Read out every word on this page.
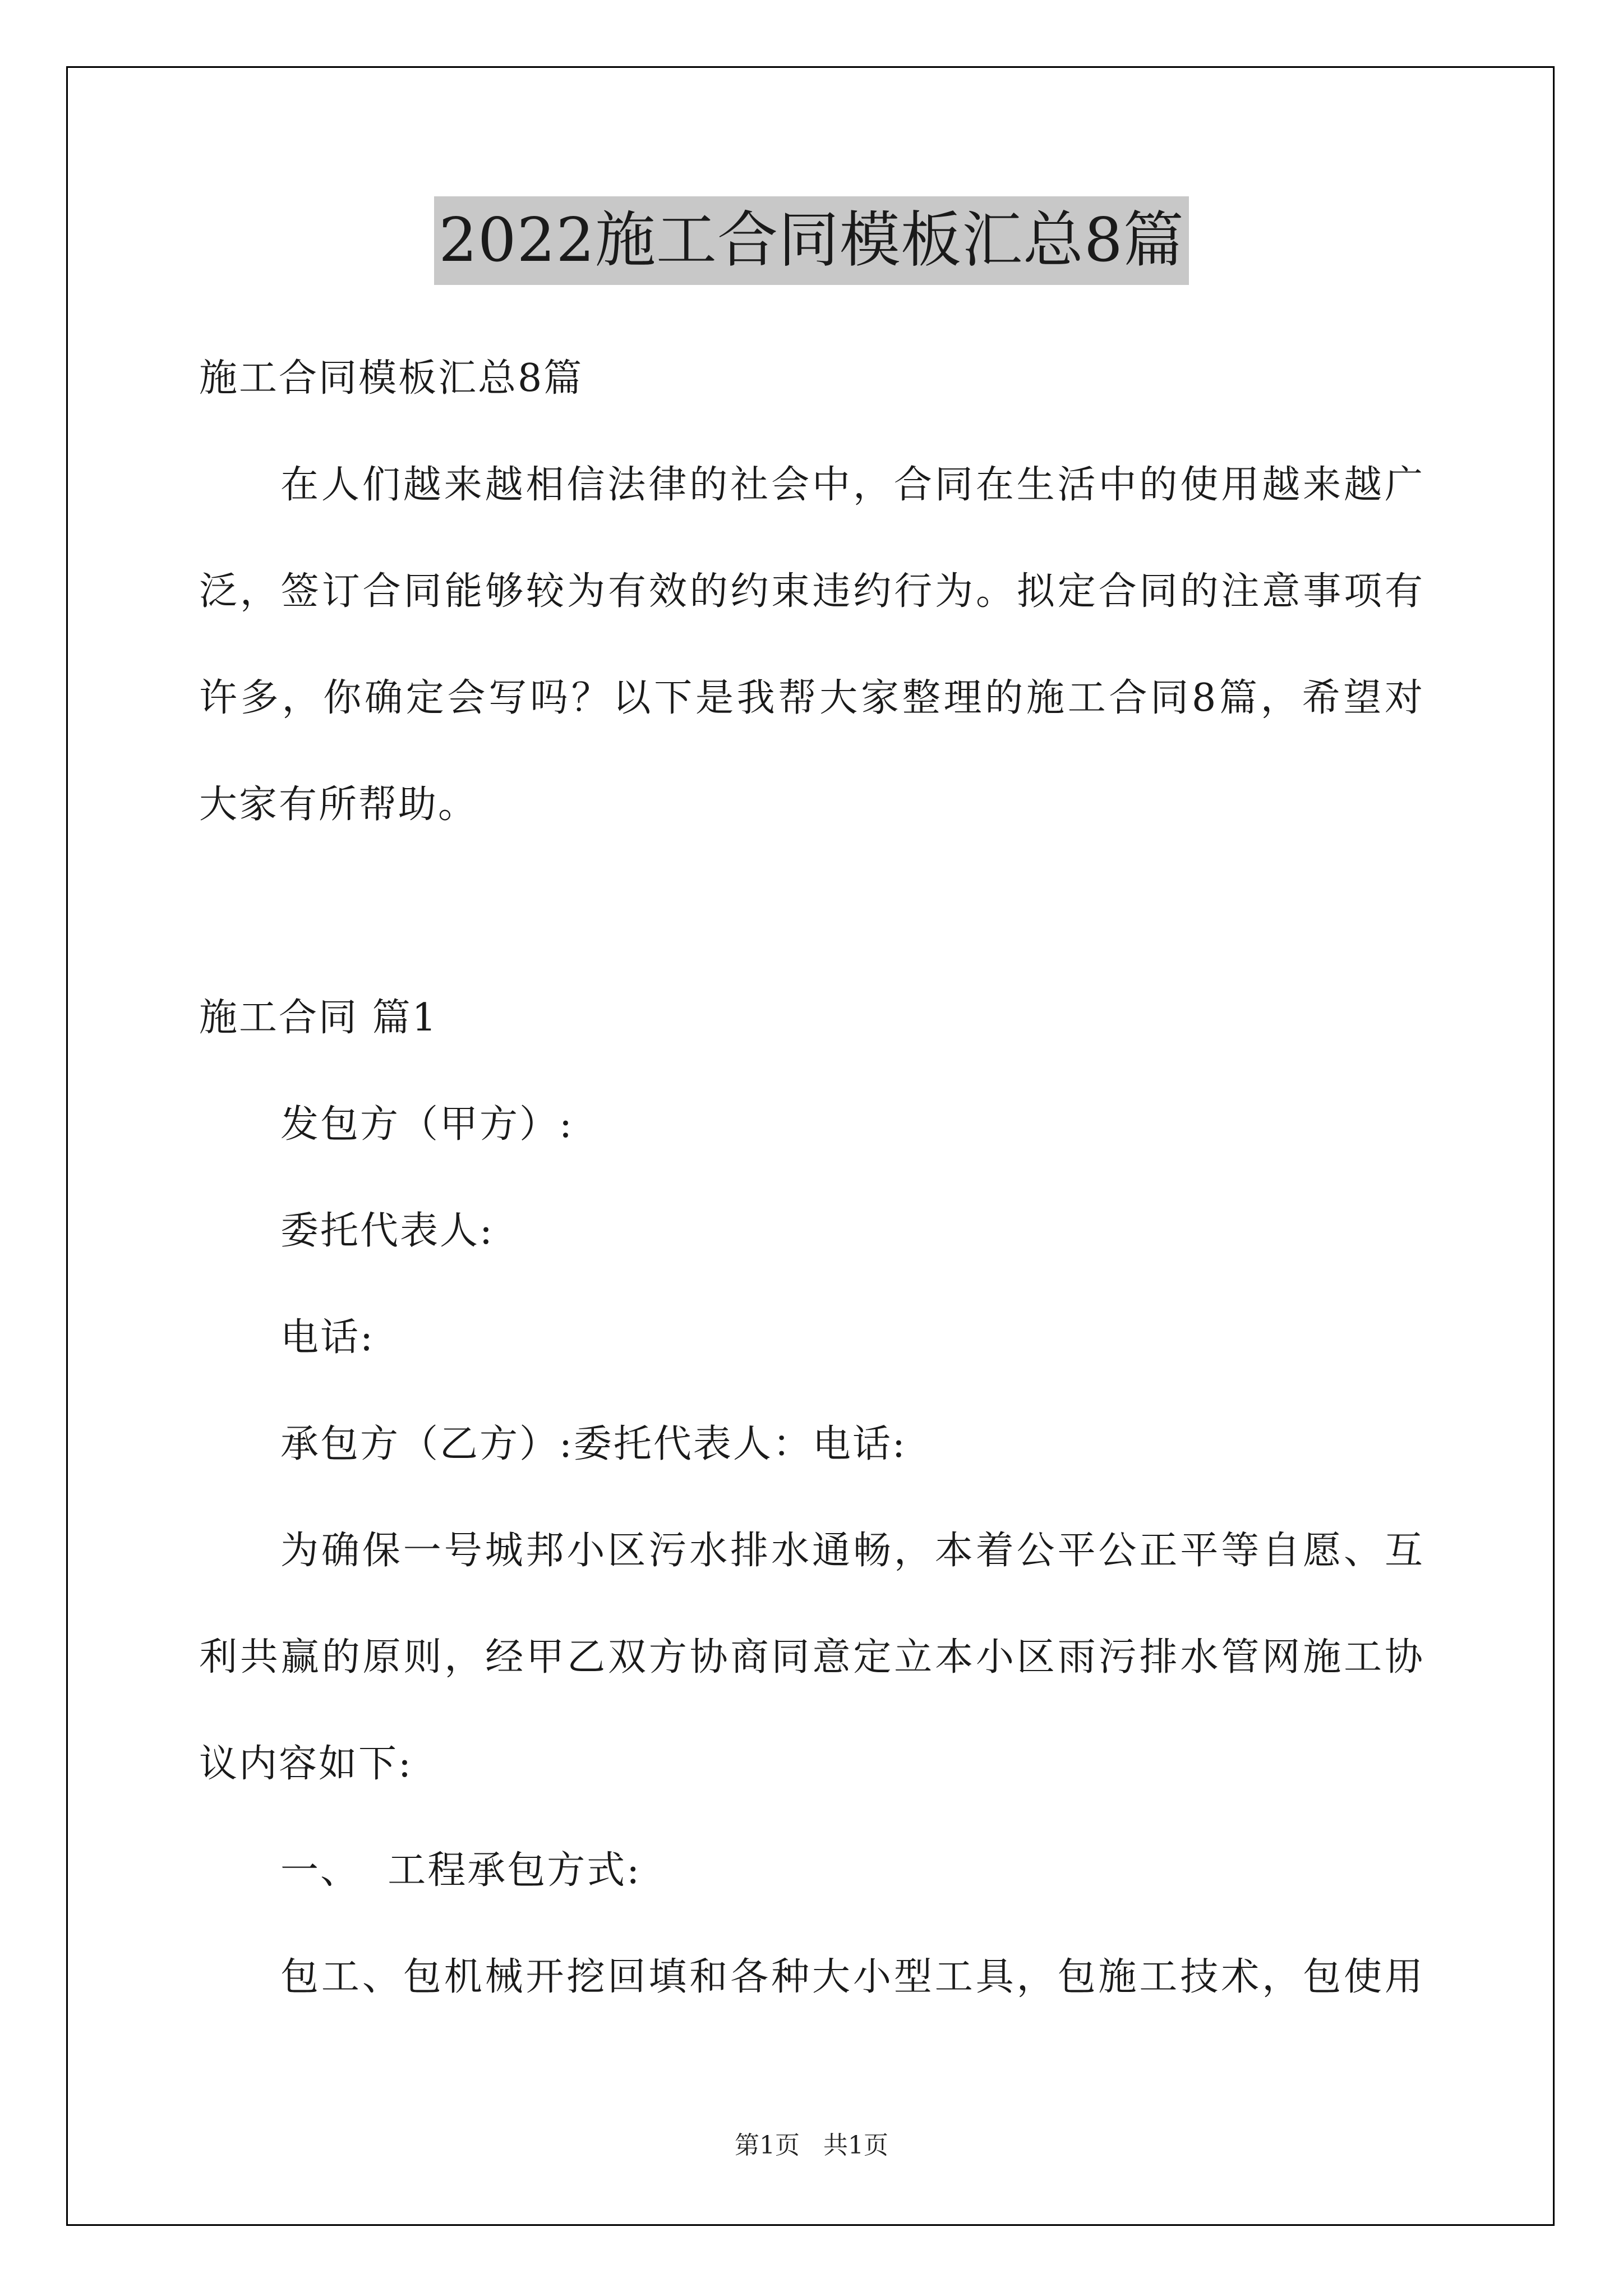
2022施工合同模板汇总8篇
施工合同模板汇总8篇
在人们越来越相信法律的社会中，合同在生活中的使用越来越广
泛，签订合同能够较为有效的约束违约行为。拟定合同的注意事项有
许多，你确定会写吗？以下是我帮大家整理的施工合同8篇，希望对
大家有所帮助。
施工合同 篇1
发包方（甲方）:
委托代表人:
电话:
承包方（乙方）:委托代表人：电话:
为确保一号城邦小区污水排水通畅，本着公平公正平等自愿、互
利共赢的原则，经甲乙双方协商同意定立本小区雨污排水管网施工协
议内容如下:
一、  工程承包方式:
包工、包机械开挖回填和各种大小型工具，包施工技术，包使用
第1页   共1页
